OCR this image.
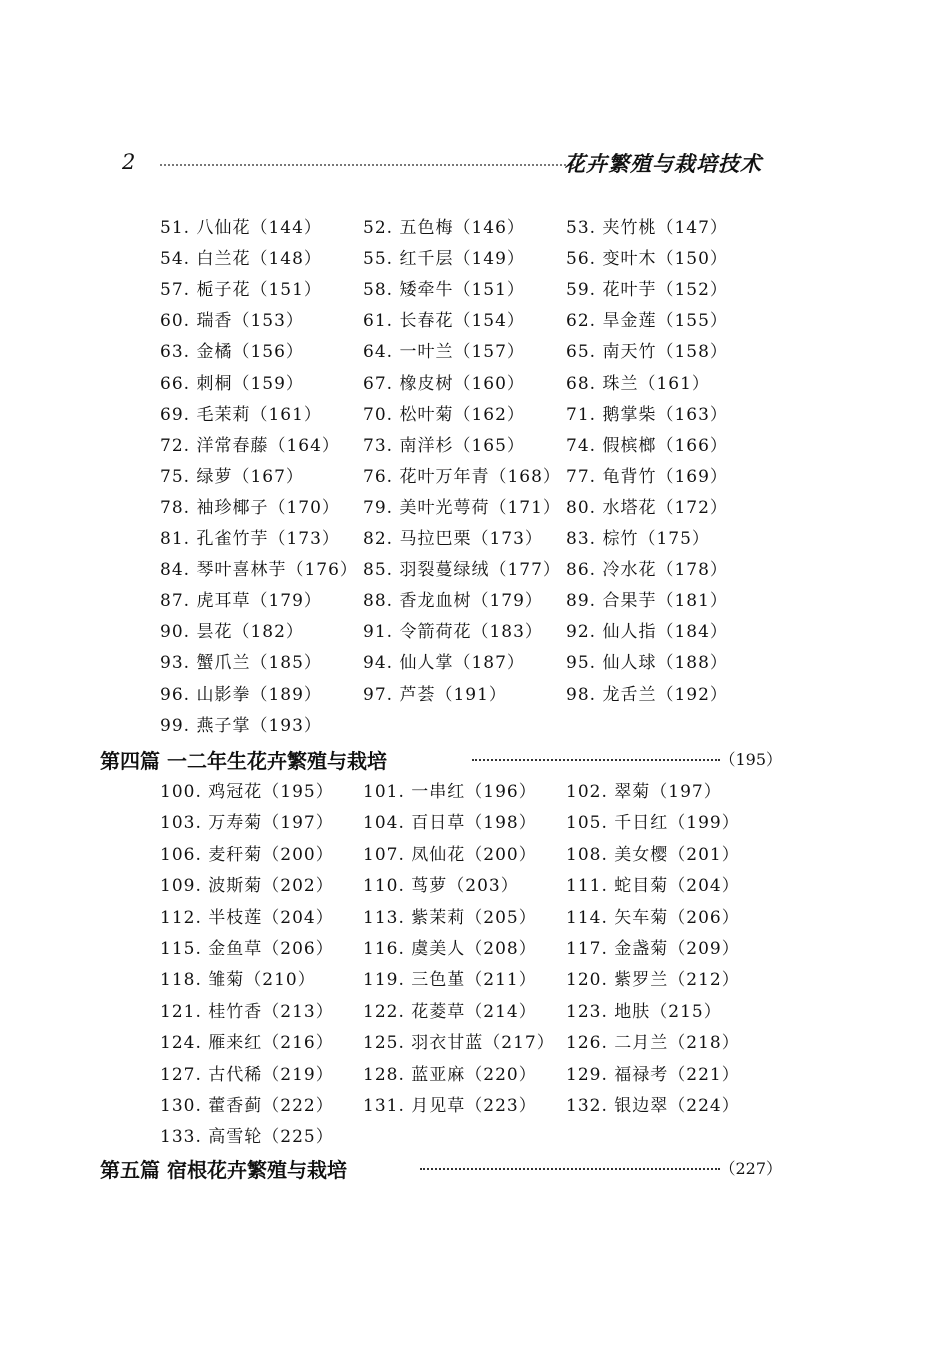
2	花卉繁殖与栽培技术
51. 八仙花（144） 52. 五色梅（146） 53. 夹竹桃（147）
54. 白兰花（148） 55. 红千层（149） 56. 变叶木（150）
57. 栀子花（151） 58. 矮牵牛（151） 59. 花叶芋（152）
60. 瑞香（153）	61. 长春花（154） 62. 旱金莲（155）
63. 金橘（156）	64. 一叶兰（157） 65. 南天竹（158）
66. 刺桐（159）	67. 橡皮树（160） 68. 珠兰（161）
69. 毛茉莉（161） 70. 松叶菊（162） 71. 鹅掌柴（163）
72. 洋常春藤（164） 73. 南洋杉（165） 74. 假槟榔（166）
75. 绿萝（167）	76. 花叶万年青（168） 77. 龟背竹（169）
78. 袖珍椰子（170） 79. 美叶光萼荷（171） 80. 水塔花（172）
81. 孔雀竹芋（173） 82. 马拉巴栗（173） 83. 棕竹（175）
84. 琴叶喜林芋（176） 85. 羽裂蔓绿绒（177） 86. 冷水花（178）
87. 虎耳草（179） 88. 香龙血树（179） 89. 合果芋（181）
90. 昙花（182）	91. 令箭荷花（183） 92. 仙人指（184）
93. 蟹爪兰（185） 94. 仙人掌（187） 95. 仙人球（188）
96. 山影拳（189） 97. 芦荟（191）	98. 龙舌兰（192）
99. 燕子掌（193）
第四篇 一二年生花卉繁殖与栽培	（195）
100. 鸡冠花（195） 101. 一串红（196） 102. 翠菊（197）
103. 万寿菊（197） 104. 百日草（198） 105. 千日红（199）
106. 麦秆菊（200） 107. 凤仙花（200） 108. 美女樱（201）
109. 波斯菊（202） 110. 茑萝（203）	111. 蛇目菊（204）
112. 半枝莲（204） 113. 紫茉莉（205） 114. 矢车菊（206）
115. 金鱼草（206） 116. 虞美人（208） 117. 金盏菊（209）
118. 雏菊（210）	119. 三色堇（211） 120. 紫罗兰（212）
121. 桂竹香（213） 122. 花菱草（214） 123. 地肤（215）
124. 雁来红（216） 125. 羽衣甘蓝（217） 126. 二月兰（218）
127. 古代稀（219） 128. 蓝亚麻（220） 129. 福禄考（221）
130. 藿香蓟（222） 131. 月见草（223） 132. 银边翠（224）
133. 高雪轮（225）
第五篇 宿根花卉繁殖与栽培	（227）
